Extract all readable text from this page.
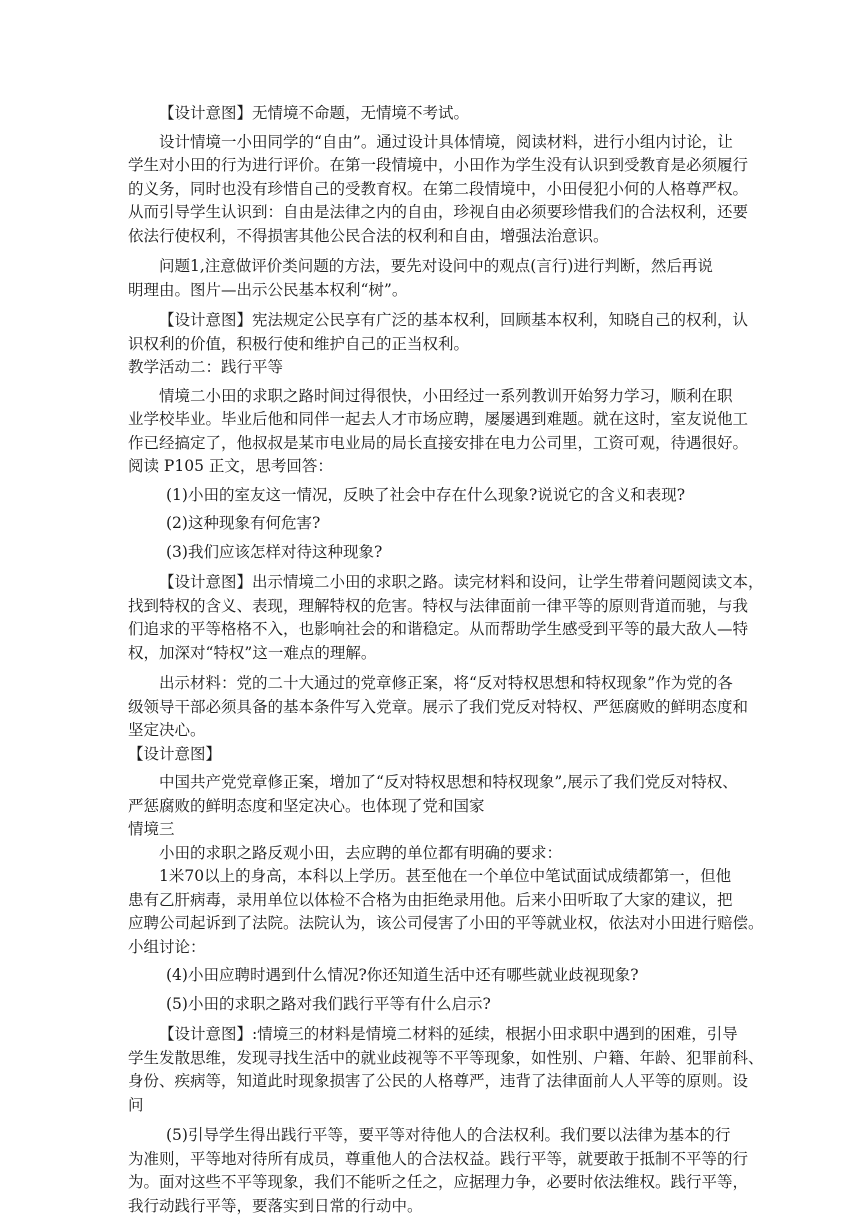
【设计意图】无情境不命题，无情境不考试。
设计情境一小田同学的“自由”。通过设计具体情境，阅读材料，进行小组内讨论，让
学生对小田的行为进行评价。在第一段情境中，小田作为学生没有认识到受教育是必须履行
的义务，同时也没有珍惜自己的受教育权。在第二段情境中，小田侵犯小何的人格尊严权。
从而引导学生认识到：自由是法律之内的自由，珍视自由必须要珍惜我们的合法权利，还要
依法行使权利，不得损害其他公民合法的权利和自由，增强法治意识。
问题1,注意做评价类问题的方法，要先对设问中的观点(言行)进行判断，然后再说
明理由。图片—出示公民基本权利“树”。
【设计意图】宪法规定公民享有广泛的基本权利，回顾基本权利，知晓自己的权利，认
识权利的价值，积极行使和维护自己的正当权利。
教学活动二：践行平等
情境二小田的求职之路时间过得很快，小田经过一系列教训开始努力学习，顺利在职
业学校毕业。毕业后他和同伴一起去人才市场应聘，屡屡遇到难题。就在这时，室友说他工
作已经搞定了，他叔叔是某市电业局的局长直接安排在电力公司里，工资可观，待遇很好。
阅读 P105 正文，思考回答：
(1)小田的室友这一情况，反映了社会中存在什么现象?说说它的含义和表现?
(2)这种现象有何危害?
(3)我们应该怎样对待这种现象?
【设计意图】出示情境二小田的求职之路。读完材料和设问，让学生带着问题阅读文本，
找到特权的含义、表现，理解特权的危害。特权与法律面前一律平等的原则背道而驰，与我
们追求的平等格格不入，也影响社会的和谐稳定。从而帮助学生感受到平等的最大敌人—特
权，加深对“特权”这一难点的理解。
出示材料：党的二十大通过的党章修正案，将“反对特权思想和特权现象”作为党的各
级领导干部必须具备的基本条件写入党章。展示了我们党反对特权、严惩腐败的鲜明态度和
坚定决心。
【设计意图】
中国共产党党章修正案，增加了“反对特权思想和特权现象”,展示了我们党反对特权、
严惩腐败的鲜明态度和坚定决心。也体现了党和国家
情境三
小田的求职之路反观小田，去应聘的单位都有明确的要求：
1米70以上的身高，本科以上学历。甚至他在一个单位中笔试面试成绩都第一，但他
患有乙肝病毒，录用单位以体检不合格为由拒绝录用他。后来小田听取了大家的建议，把
应聘公司起诉到了法院。法院认为，该公司侵害了小田的平等就业权，依法对小田进行赔偿。
小组讨论：
(4)小田应聘时遇到什么情况?你还知道生活中还有哪些就业歧视现象?
(5)小田的求职之路对我们践行平等有什么启示?
【设计意图】:情境三的材料是情境二材料的延续，根据小田求职中遇到的困难，引导
学生发散思维，发现寻找生活中的就业歧视等不平等现象，如性别、户籍、年龄、犯罪前科、
身份、疾病等，知道此时现象损害了公民的人格尊严，违背了法律面前人人平等的原则。设
问
(5)引导学生得出践行平等，要平等对待他人的合法权利。我们要以法律为基本的行
为准则，平等地对待所有成员，尊重他人的合法权益。践行平等，就要敢于抵制不平等的行
为。面对这些不平等现象，我们不能听之任之，应据理力争，必要时依法维权。践行平等，
我行动践行平等，要落实到日常的行动中。
